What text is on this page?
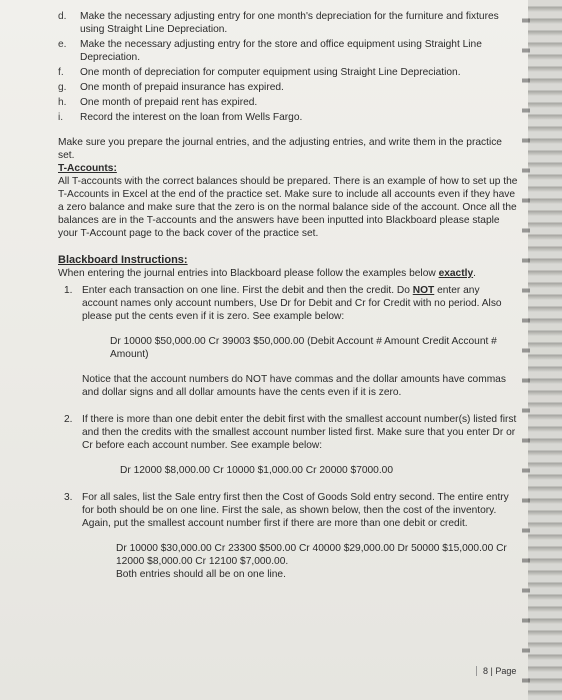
d.	Make the necessary adjusting entry for one month's depreciation for the furniture and fixtures using Straight Line Depreciation.
e.	Make the necessary adjusting entry for the store and office equipment using Straight Line Depreciation.
f.	One month of depreciation for computer equipment using Straight Line Depreciation.
g.	One month of prepaid insurance has expired.
h.	One month of prepaid rent has expired.
i.	Record the interest on the loan from Wells Fargo.
Make sure you prepare the journal entries, and the adjusting entries, and write them in the practice set.
T-Accounts:
All T-accounts with the correct balances should be prepared. There is an example of how to set up the T-Accounts in Excel at the end of the practice set. Make sure to include all accounts even if they have a zero balance and make sure that the zero is on the normal balance side of the account. Once all the balances are in the T-accounts and the answers have been inputted into Blackboard please staple your T-Account page to the back cover of the practice set.
Blackboard Instructions:
When entering the journal entries into Blackboard please follow the examples below exactly.
1. Enter each transaction on one line. First the debit and then the credit. Do NOT enter any account names only account numbers, Use Dr for Debit and Cr for Credit with no period. Also please put the cents even if it is zero. See example below:
Dr 10000 $50,000.00 Cr 39003 $50,000.00 (Debit Account # Amount Credit Account # Amount)
Notice that the account numbers do NOT have commas and the dollar amounts have commas and dollar signs and all dollar amounts have the cents even if it is zero.
2. If there is more than one debit enter the debit first with the smallest account number(s) listed first and then the credits with the smallest account number listed first. Make sure that you enter Dr or Cr before each account number. See example below:
Dr 12000 $8,000.00 Cr 10000 $1,000.00 Cr 20000 $7000.00
3. For all sales, list the Sale entry first then the Cost of Goods Sold entry second. The entire entry for both should be on one line. First the sale, as shown below, then the cost of the inventory. Again, put the smallest account number first if there are more than one debit or credit.
Dr 10000 $30,000.00 Cr 23300 $500.00 Cr 40000 $29,000.00 Dr 50000 $15,000.00 Cr 12000 $8,000.00 Cr 12100 $7,000.00.
Both entries should all be on one line.
8 | Page
